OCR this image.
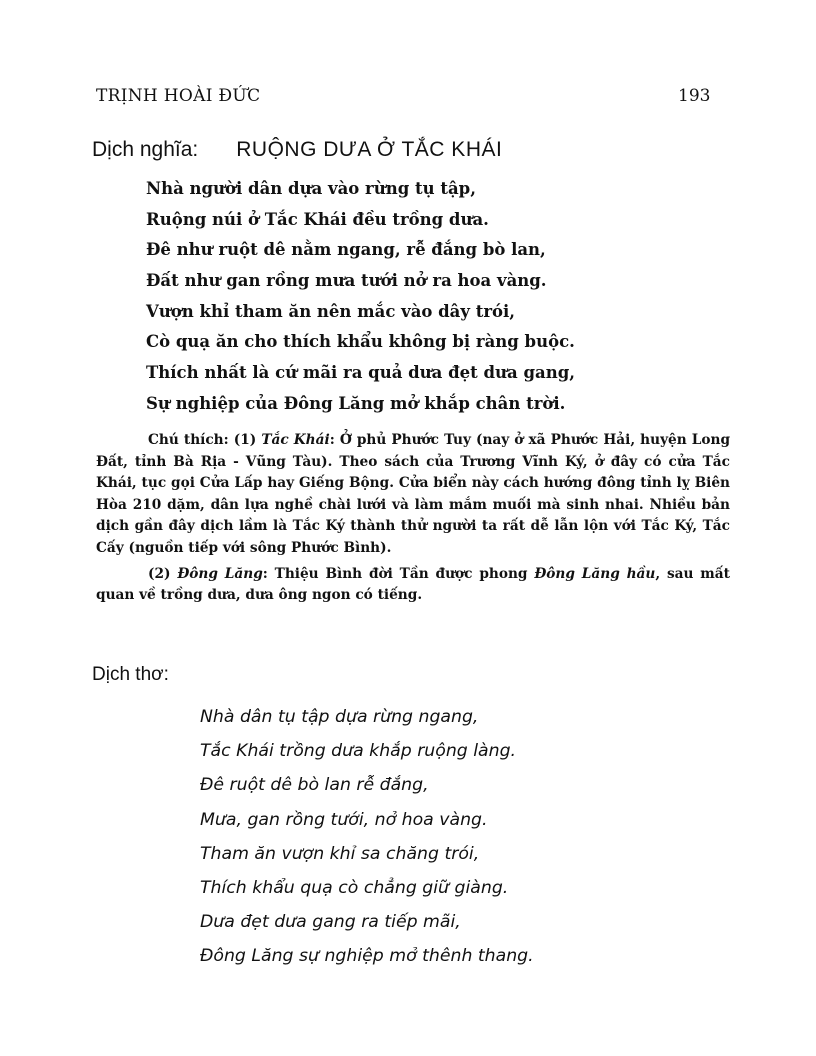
TRỊNH HOÀI ĐỨC	193
Dịch nghĩa: RUỘNG DƯA Ở TẮC KHÁI
Nhà người dân dựa vào rừng tụ tập,
Ruộng núi ở Tắc Khái đều trồng dưa.
Đê như ruột dê nằm ngang, rễ đắng bò lan,
Đất như gan rồng mưa tưới nở ra hoa vàng.
Vượn khỉ tham ăn nên mắc vào dây trói,
Cò quạ ăn cho thích khẩu không bị ràng buộc.
Thích nhất là cứ mãi ra quả dưa đẹt dưa gang,
Sự nghiệp của Đông Lăng mở khắp chân trời.

Chú thích: (1) Tắc Khái: Ở phủ Phước Tuy (nay ở xã Phước Hải, huyện Long Đất, tỉnh Bà Rịa - Vũng Tàu). Theo sách của Trương Vĩnh Ký, ở đây có cửa Tắc Khái, tục gọi Cửa Lấp hay Giếng Bộng. Cửa biển này cách hướng đông tỉnh lỵ Biên Hòa 210 dặm, dân lựa nghề chài lưới và làm mắm muối mà sinh nhai. Nhiều bản dịch gần đây dịch lầm là Tắc Ký thành thử người ta rất dễ lẫn lộn với Tắc Ký, Tắc Cấy (nguồn tiếp với sông Phước Bình).

(2) Đông Lăng: Thiệu Bình đời Tần được phong Đông Lăng hầu, sau mất quan về trồng dưa, dưa ông ngon có tiếng.

Dịch thơ:
Nhà dân tụ tập dựa rừng ngang,
Tắc Khái trồng dưa khắp ruộng làng.
Đê ruột dê bò lan rễ đắng,
Mưa, gan rồng tưới, nở hoa vàng.
Tham ăn vượn khỉ sa chăng trói,
Thích khẩu quạ cò chẳng giữ giàng.
Dưa đẹt dưa gang ra tiếp mãi,
Đông Lăng sự nghiệp mở thênh thang.
